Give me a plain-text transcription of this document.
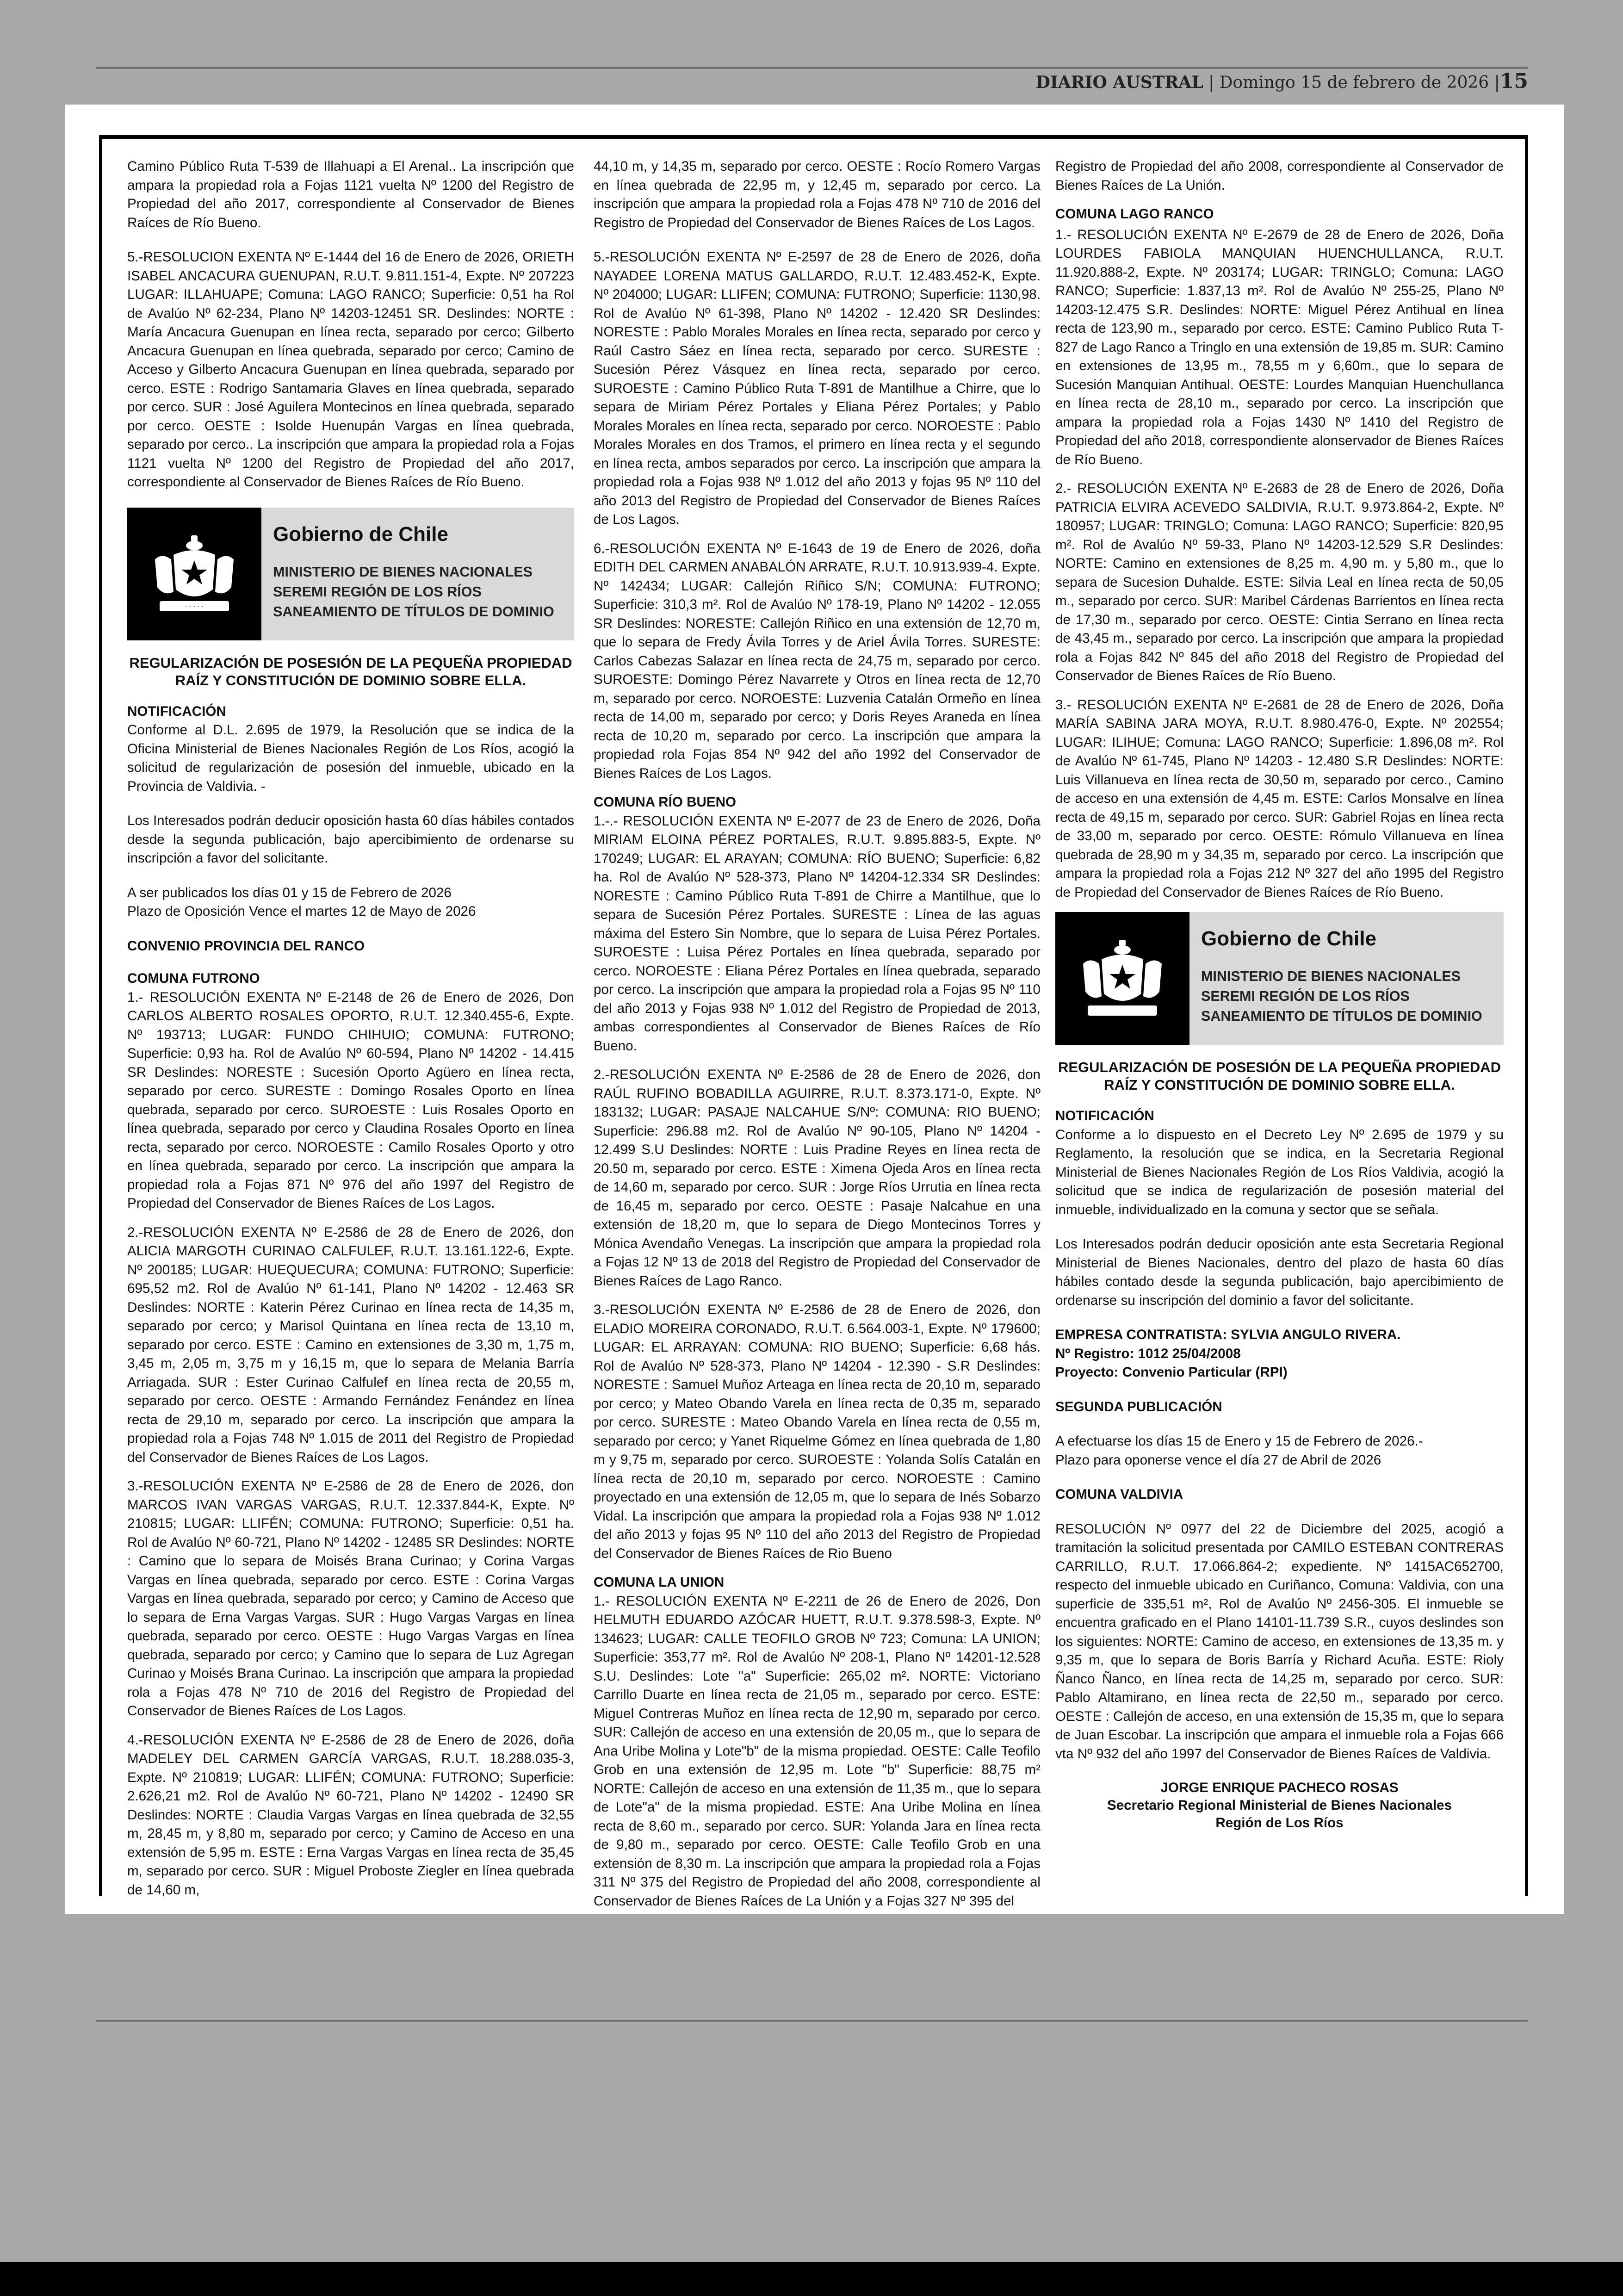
DIARIO AUSTRAL | Domingo 15 de febrero de 2026 |15

Camino Público Ruta T-539 de Illahuapi a El Arenal.. La inscripción que ampara la propiedad rola a Fojas 1121 vuelta Nº 1200 del Registro de Propiedad del año 2017, correspondiente al Conservador de Bienes Raíces de Río Bueno.

5.-RESOLUCION EXENTA Nº E-1444 del 16 de Enero de 2026, ORIETH ISABEL ANCACURA GUENUPAN, R.U.T. 9.811.151-4, Expte. Nº 207223 LUGAR: ILLAHUAPE; Comuna: LAGO RANCO; Superficie: 0,51 ha Rol de Avalúo Nº 62-234, Plano Nº 14203-12451 SR. Deslindes: NORTE : María Ancacura Guenupan en línea recta, separado por cerco; Gilberto Ancacura Guenupan en línea quebrada, separado por cerco; Camino de Acceso y Gilberto Ancacura Guenupan en línea quebrada, separado por cerco. ESTE : Rodrigo Santamaria Glaves en línea quebrada, separado por cerco. SUR : José Aguilera Montecinos en línea quebrada, separado por cerco. OESTE : Isolde Huenupán Vargas en línea quebrada, separado por cerco.. La inscripción que ampara la propiedad rola a Fojas 1121 vuelta Nº 1200 del Registro de Propiedad del año 2017, correspondiente al Conservador de Bienes Raíces de Río Bueno.

· · · · ·
Gobierno de Chile
MINISTERIO DE BIENES NACIONALES
SEREMI REGIÓN DE LOS RÍOS
SANEAMIENTO DE TÍTULOS DE DOMINIO
REGULARIZACIÓN DE POSESIÓN DE LA PEQUEÑA PROPIEDAD RAÍZ Y CONSTITUCIÓN DE DOMINIO SOBRE ELLA.
NOTIFICACIÓN

Conforme al D.L. 2.695 de 1979, la Resolución que se indica de la Oficina Ministerial de Bienes Nacionales Región de Los Ríos, acogió la solicitud de regularización de posesión del inmueble, ubicado en la Provincia de Valdivia. -

Los Interesados podrán deducir oposición hasta 60 días hábiles contados desde la segunda publicación, bajo apercibimiento de ordenarse su inscripción a favor del solicitante.

A ser publicados los días 01 y 15 de Febrero de 2026

Plazo de Oposición Vence el martes 12 de Mayo de 2026

CONVENIO PROVINCIA DEL RANCO

COMUNA FUTRONO

1.- RESOLUCIÓN EXENTA Nº E-2148 de 26 de Enero de 2026, Don CARLOS ALBERTO ROSALES OPORTO, R.U.T. 12.340.455-6, Expte. Nº 193713; LUGAR: FUNDO CHIHUIO; COMUNA: FUTRONO; Superficie: 0,93 ha. Rol de Avalúo Nº 60-594, Plano Nº 14202 - 14.415 SR Deslindes: NORESTE : Sucesión Oporto Agüero en línea recta, separado por cerco. SURESTE : Domingo Rosales Oporto en línea quebrada, separado por cerco. SUROESTE : Luis Rosales Oporto en línea quebrada, separado por cerco y Claudina Rosales Oporto en línea recta, separado por cerco. NOROESTE : Camilo Rosales Oporto y otro en línea quebrada, separado por cerco. La inscripción que ampara la propiedad rola a Fojas 871 Nº 976 del año 1997 del Registro de Propiedad del Conservador de Bienes Raíces de Los Lagos.

2.-RESOLUCIÓN EXENTA Nº E-2586 de 28 de Enero de 2026, don ALICIA MARGOTH CURINAO CALFULEF, R.U.T. 13.161.122-6, Expte. Nº 200185; LUGAR: HUEQUECURA; COMUNA: FUTRONO; Superficie: 695,52 m2. Rol de Avalúo Nº 61-141, Plano Nº 14202 - 12.463 SR Deslindes: NORTE : Katerin Pérez Curinao en línea recta de 14,35 m, separado por cerco; y Marisol Quintana en línea recta de 13,10 m, separado por cerco. ESTE : Camino en extensiones de 3,30 m, 1,75 m, 3,45 m, 2,05 m, 3,75 m y 16,15 m, que lo separa de Melania Barría Arriagada. SUR : Ester Curinao Calfulef en línea recta de 20,55 m, separado por cerco. OESTE : Armando Fernández Fenández en línea recta de 29,10 m, separado por cerco. La inscripción que ampara la propiedad rola a Fojas 748 Nº 1.015 de 2011 del Registro de Propiedad del Conservador de Bienes Raíces de Los Lagos.

3.-RESOLUCIÓN EXENTA Nº E-2586 de 28 de Enero de 2026, don MARCOS IVAN VARGAS VARGAS, R.U.T. 12.337.844-K, Expte. Nº 210815; LUGAR: LLIFÉN; COMUNA: FUTRONO; Superficie: 0,51 ha. Rol de Avalúo Nº 60-721, Plano Nº 14202 - 12485 SR Deslindes: NORTE : Camino que lo separa de Moisés Brana Curinao; y Corina Vargas Vargas en línea quebrada, separado por cerco. ESTE : Corina Vargas Vargas en línea quebrada, separado por cerco; y Camino de Acceso que lo separa de Erna Vargas Vargas. SUR : Hugo Vargas Vargas en línea quebrada, separado por cerco. OESTE : Hugo Vargas Vargas en línea quebrada, separado por cerco; y Camino que lo separa de Luz Agregan Curinao y Moisés Brana Curinao. La inscripción que ampara la propiedad rola a Fojas 478 Nº 710 de 2016 del Registro de Propiedad del Conservador de Bienes Raíces de Los Lagos.

4.-RESOLUCIÓN EXENTA Nº E-2586 de 28 de Enero de 2026, doña MADELEY DEL CARMEN GARCÍA VARGAS, R.U.T. 18.288.035-3, Expte. Nº 210819; LUGAR: LLIFÉN; COMUNA: FUTRONO; Superficie: 2.626,21 m2. Rol de Avalúo Nº 60-721, Plano Nº 14202 - 12490 SR Deslindes: NORTE : Claudia Vargas Vargas en línea quebrada de 32,55 m, 28,45 m, y 8,80 m, separado por cerco; y Camino de Acceso en una extensión de 5,95 m. ESTE : Erna Vargas Vargas en línea recta de 35,45 m, separado por cerco. SUR : Miguel Proboste Ziegler en línea quebrada de 14,60 m,

44,10 m, y 14,35 m, separado por cerco. OESTE : Rocío Romero Vargas en línea quebrada de 22,95 m, y 12,45 m, separado por cerco. La inscripción que ampara la propiedad rola a Fojas 478 Nº 710 de 2016 del Registro de Propiedad del Conservador de Bienes Raíces de Los Lagos.

5.-RESOLUCIÓN EXENTA Nº E-2597 de 28 de Enero de 2026, doña NAYADEE LORENA MATUS GALLARDO, R.U.T. 12.483.452-K, Expte. Nº 204000; LUGAR: LLIFEN; COMUNA: FUTRONO; Superficie: 1130,98. Rol de Avalúo Nº 61-398, Plano Nº 14202 - 12.420 SR Deslindes: NORESTE : Pablo Morales Morales en línea recta, separado por cerco y Raúl Castro Sáez en línea recta, separado por cerco. SURESTE : Sucesión Pérez Vásquez en línea recta, separado por cerco. SUROESTE : Camino Público Ruta T-891 de Mantilhue a Chirre, que lo separa de Miriam Pérez Portales y Eliana Pérez Portales; y Pablo Morales Morales en línea recta, separado por cerco. NOROESTE : Pablo Morales Morales en dos Tramos, el primero en línea recta y el segundo en línea recta, ambos separados por cerco. La inscripción que ampara la propiedad rola a Fojas 938 Nº 1.012 del año 2013 y fojas 95 Nº 110 del año 2013 del Registro de Propiedad del Conservador de Bienes Raíces de Los Lagos.

6.-RESOLUCIÓN EXENTA Nº E-1643 de 19 de Enero de 2026, doña EDITH DEL CARMEN ANABALÓN ARRATE, R.U.T. 10.913.939-4. Expte. Nº 142434; LUGAR: Callejón Riñico S/N; COMUNA: FUTRONO; Superficie: 310,3 m². Rol de Avalúo Nº 178-19, Plano Nº 14202 - 12.055 SR Deslindes: NORESTE: Callejón Riñico en una extensión de 12,70 m, que lo separa de Fredy Ávila Torres y de Ariel Ávila Torres. SURESTE: Carlos Cabezas Salazar en línea recta de 24,75 m, separado por cerco. SUROESTE: Domingo Pérez Navarrete y Otros en línea recta de 12,70 m, separado por cerco. NOROESTE: Luzvenia Catalán Ormeño en línea recta de 14,00 m, separado por cerco; y Doris Reyes Araneda en línea recta de 10,20 m, separado por cerco. La inscripción que ampara la propiedad rola Fojas 854 Nº 942 del año 1992 del Conservador de Bienes Raíces de Los Lagos.

COMUNA RÍO BUENO

1.-.- RESOLUCIÓN EXENTA Nº E-2077 de 23 de Enero de 2026, Doña MIRIAM ELOINA PÉREZ PORTALES, R.U.T. 9.895.883-5, Expte. Nº 170249; LUGAR: EL ARAYAN; COMUNA: RÍO BUENO; Superficie: 6,82 ha. Rol de Avalúo Nº 528-373, Plano Nº 14204-12.334 SR Deslindes: NORESTE : Camino Público Ruta T-891 de Chirre a Mantilhue, que lo separa de Sucesión Pérez Portales. SURESTE : Línea de las aguas máxima del Estero Sin Nombre, que lo separa de Luisa Pérez Portales. SUROESTE : Luisa Pérez Portales en línea quebrada, separado por cerco. NOROESTE : Eliana Pérez Portales en línea quebrada, separado por cerco. La inscripción que ampara la propiedad rola a Fojas 95 Nº 110 del año 2013 y Fojas 938 Nº 1.012 del Registro de Propiedad de 2013, ambas correspondientes al Conservador de Bienes Raíces de Río Bueno.

2.-RESOLUCIÓN EXENTA Nº E-2586 de 28 de Enero de 2026, don RAÚL RUFINO BOBADILLA AGUIRRE, R.U.T. 8.373.171-0, Expte. Nº 183132; LUGAR: PASAJE NALCAHUE S/Nº: COMUNA: RIO BUENO; Superficie: 296.88 m2. Rol de Avalúo Nº 90-105, Plano Nº 14204 - 12.499 S.U Deslindes: NORTE : Luis Pradine Reyes en línea recta de 20.50 m, separado por cerco. ESTE : Ximena Ojeda Aros en línea recta de 14,60 m, separado por cerco. SUR : Jorge Ríos Urrutia en línea recta de 16,45 m, separado por cerco. OESTE : Pasaje Nalcahue en una extensión de 18,20 m, que lo separa de Diego Montecinos Torres y Mónica Avendaño Venegas. La inscripción que ampara la propiedad rola a Fojas 12 Nº 13 de 2018 del Registro de Propiedad del Conservador de Bienes Raíces de Lago Ranco.

3.-RESOLUCIÓN EXENTA Nº E-2586 de 28 de Enero de 2026, don ELADIO MOREIRA CORONADO, R.U.T. 6.564.003-1, Expte. Nº 179600; LUGAR: EL ARRAYAN: COMUNA: RIO BUENO; Superficie: 6,68 hás. Rol de Avalúo Nº 528-373, Plano Nº 14204 - 12.390 - S.R Deslindes: NORESTE : Samuel Muñoz Arteaga en línea recta de 20,10 m, separado por cerco; y Mateo Obando Varela en línea recta de 0,35 m, separado por cerco. SURESTE : Mateo Obando Varela en línea recta de 0,55 m, separado por cerco; y Yanet Riquelme Gómez en línea quebrada de 1,80 m y 9,75 m, separado por cerco. SUROESTE : Yolanda Solís Catalán en línea recta de 20,10 m, separado por cerco. NOROESTE : Camino proyectado en una extensión de 12,05 m, que lo separa de Inés Sobarzo Vidal. La inscripción que ampara la propiedad rola a Fojas 938 Nº 1.012 del año 2013 y fojas 95 Nº 110 del año 2013 del Registro de Propiedad del Conservador de Bienes Raíces de Rio Bueno

COMUNA LA UNION

1.- RESOLUCIÓN EXENTA Nº E-2211 de 26 de Enero de 2026, Don HELMUTH EDUARDO AZÓCAR HUETT, R.U.T. 9.378.598-3, Expte. Nº 134623; LUGAR: CALLE TEOFILO GROB Nº 723; Comuna: LA UNION; Superficie: 353,77 m². Rol de Avalúo Nº 208-1, Plano Nº 14201-12.528 S.U. Deslindes: Lote "a" Superficie: 265,02 m². NORTE: Victoriano Carrillo Duarte en línea recta de 21,05 m., separado por cerco. ESTE: Miguel Contreras Muñoz en línea recta de 12,90 m, separado por cerco. SUR: Callejón de acceso en una extensión de 20,05 m., que lo separa de Ana Uribe Molina y Lote"b" de la misma propiedad. OESTE: Calle Teofilo Grob en una extensión de 12,95 m. Lote "b" Superficie: 88,75 m² NORTE: Callejón de acceso en una extensión de 11,35 m., que lo separa de Lote"a" de la misma propiedad. ESTE: Ana Uribe Molina en línea recta de 8,60 m., separado por cerco. SUR: Yolanda Jara en línea recta de 9,80 m., separado por cerco. OESTE: Calle Teofilo Grob en una extensión de 8,30 m. La inscripción que ampara la propiedad rola a Fojas 311 Nº 375 del Registro de Propiedad del año 2008, correspondiente al Conservador de Bienes Raíces de La Unión y a Fojas 327 Nº 395 del

Registro de Propiedad del año 2008, correspondiente al Conservador de Bienes Raíces de La Unión.

COMUNA LAGO RANCO

1.- RESOLUCIÓN EXENTA Nº E-2679 de 28 de Enero de 2026, Doña LOURDES FABIOLA MANQUIAN HUENCHULLANCA, R.U.T. 11.920.888-2, Expte. Nº 203174; LUGAR: TRINGLO; Comuna: LAGO RANCO; Superficie: 1.837,13 m². Rol de Avalúo Nº 255-25, Plano Nº 14203-12.475 S.R. Deslindes: NORTE: Miguel Pérez Antihual en línea recta de 123,90 m., separado por cerco. ESTE: Camino Publico Ruta T-827 de Lago Ranco a Tringlo en una extensión de 19,85 m. SUR: Camino en extensiones de 13,95 m., 78,55 m y 6,60m., que lo separa de Sucesión Manquian Antihual. OESTE: Lourdes Manquian Huenchullanca en línea recta de 28,10 m., separado por cerco. La inscripción que ampara la propiedad rola a Fojas 1430 Nº 1410 del Registro de Propiedad del año 2018, correspondiente alonservador de Bienes Raíces de Río Bueno.

2.- RESOLUCIÓN EXENTA Nº E-2683 de 28 de Enero de 2026, Doña PATRICIA ELVIRA ACEVEDO SALDIVIA, R.U.T. 9.973.864-2, Expte. Nº 180957; LUGAR: TRINGLO; Comuna: LAGO RANCO; Superficie: 820,95 m². Rol de Avalúo Nº 59-33, Plano Nº 14203-12.529 S.R Deslindes: NORTE: Camino en extensiones de 8,25 m. 4,90 m. y 5,80 m., que lo separa de Sucesion Duhalde. ESTE: Silvia Leal en línea recta de 50,05 m., separado por cerco. SUR: Maribel Cárdenas Barrientos en línea recta de 17,30 m., separado por cerco. OESTE: Cintia Serrano en línea recta de 43,45 m., separado por cerco. La inscripción que ampara la propiedad rola a Fojas 842 Nº 845 del año 2018 del Registro de Propiedad del Conservador de Bienes Raíces de Río Bueno.

3.- RESOLUCIÓN EXENTA Nº E-2681 de 28 de Enero de 2026, Doña MARÍA SABINA JARA MOYA, R.U.T. 8.980.476-0, Expte. Nº 202554; LUGAR: ILIHUE; Comuna: LAGO RANCO; Superficie: 1.896,08 m². Rol de Avalúo Nº 61-745, Plano Nº 14203 - 12.480 S.R Deslindes: NORTE: Luis Villanueva en línea recta de 30,50 m, separado por cerco., Camino de acceso en una extensión de 4,45 m. ESTE: Carlos Monsalve en línea recta de 49,15 m, separado por cerco. SUR: Gabriel Rojas en línea recta de 33,00 m, separado por cerco. OESTE: Rómulo Villanueva en línea quebrada de 28,90 m y 34,35 m, separado por cerco. La inscripción que ampara la propiedad rola a Fojas 212 Nº 327 del año 1995 del Registro de Propiedad del Conservador de Bienes Raíces de Río Bueno.

Gobierno de Chile
MINISTERIO DE BIENES NACIONALES
SEREMI REGIÓN DE LOS RÍOS
SANEAMIENTO DE TÍTULOS DE DOMINIO
REGULARIZACIÓN DE POSESIÓN DE LA PEQUEÑA PROPIEDAD RAÍZ Y CONSTITUCIÓN DE DOMINIO SOBRE ELLA.
NOTIFICACIÓN

Conforme a lo dispuesto en el Decreto Ley Nº 2.695 de 1979 y su Reglamento, la resolución que se indica, en la Secretaria Regional Ministerial de Bienes Nacionales Región de Los Ríos Valdivia, acogió la solicitud que se indica de regularización de posesión material del inmueble, individualizado en la comuna y sector que se señala.

Los Interesados podrán deducir oposición ante esta Secretaria Regional Ministerial de Bienes Nacionales, dentro del plazo de hasta 60 días hábiles contado desde la segunda publicación, bajo apercibimiento de ordenarse su inscripción del dominio a favor del solicitante.

EMPRESA CONTRATISTA: SYLVIA ANGULO RIVERA.
Nº Registro: 1012 25/04/2008

Proyecto: Convenio Particular (RPI)

SEGUNDA PUBLICACIÓN

A efectuarse los días 15 de Enero y 15 de Febrero de 2026.-

Plazo para oponerse vence el día 27 de Abril de 2026

COMUNA VALDIVIA

RESOLUCIÓN Nº 0977 del 22 de Diciembre del 2025, acogió a tramitación la solicitud presentada por CAMILO ESTEBAN CONTRERAS CARRILLO, R.U.T. 17.066.864-2; expediente. Nº 1415AC652700, respecto del inmueble ubicado en Curiñanco, Comuna: Valdivia, con una superficie de 335,51 m², Rol de Avalúo Nº 2456-305. El inmueble se encuentra graficado en el Plano 14101-11.739 S.R., cuyos deslindes son los siguientes: NORTE: Camino de acceso, en extensiones de 13,35 m. y 9,35 m, que lo separa de Boris Barría y Richard Acuña. ESTE: Rioly Ñanco Ñanco, en línea recta de 14,25 m, separado por cerco. SUR: Pablo Altamirano, en línea recta de 22,50 m., separado por cerco. OESTE : Callejón de acceso, en una extensión de 15,35 m, que lo separa de Juan Escobar. La inscripción que ampara el inmueble rola a Fojas 666 vta Nº 932 del año 1997 del Conservador de Bienes Raíces de Valdivia.

JORGE ENRIQUE PACHECO ROSAS
Secretario Regional Ministerial de Bienes Nacionales
Región de Los Ríos
